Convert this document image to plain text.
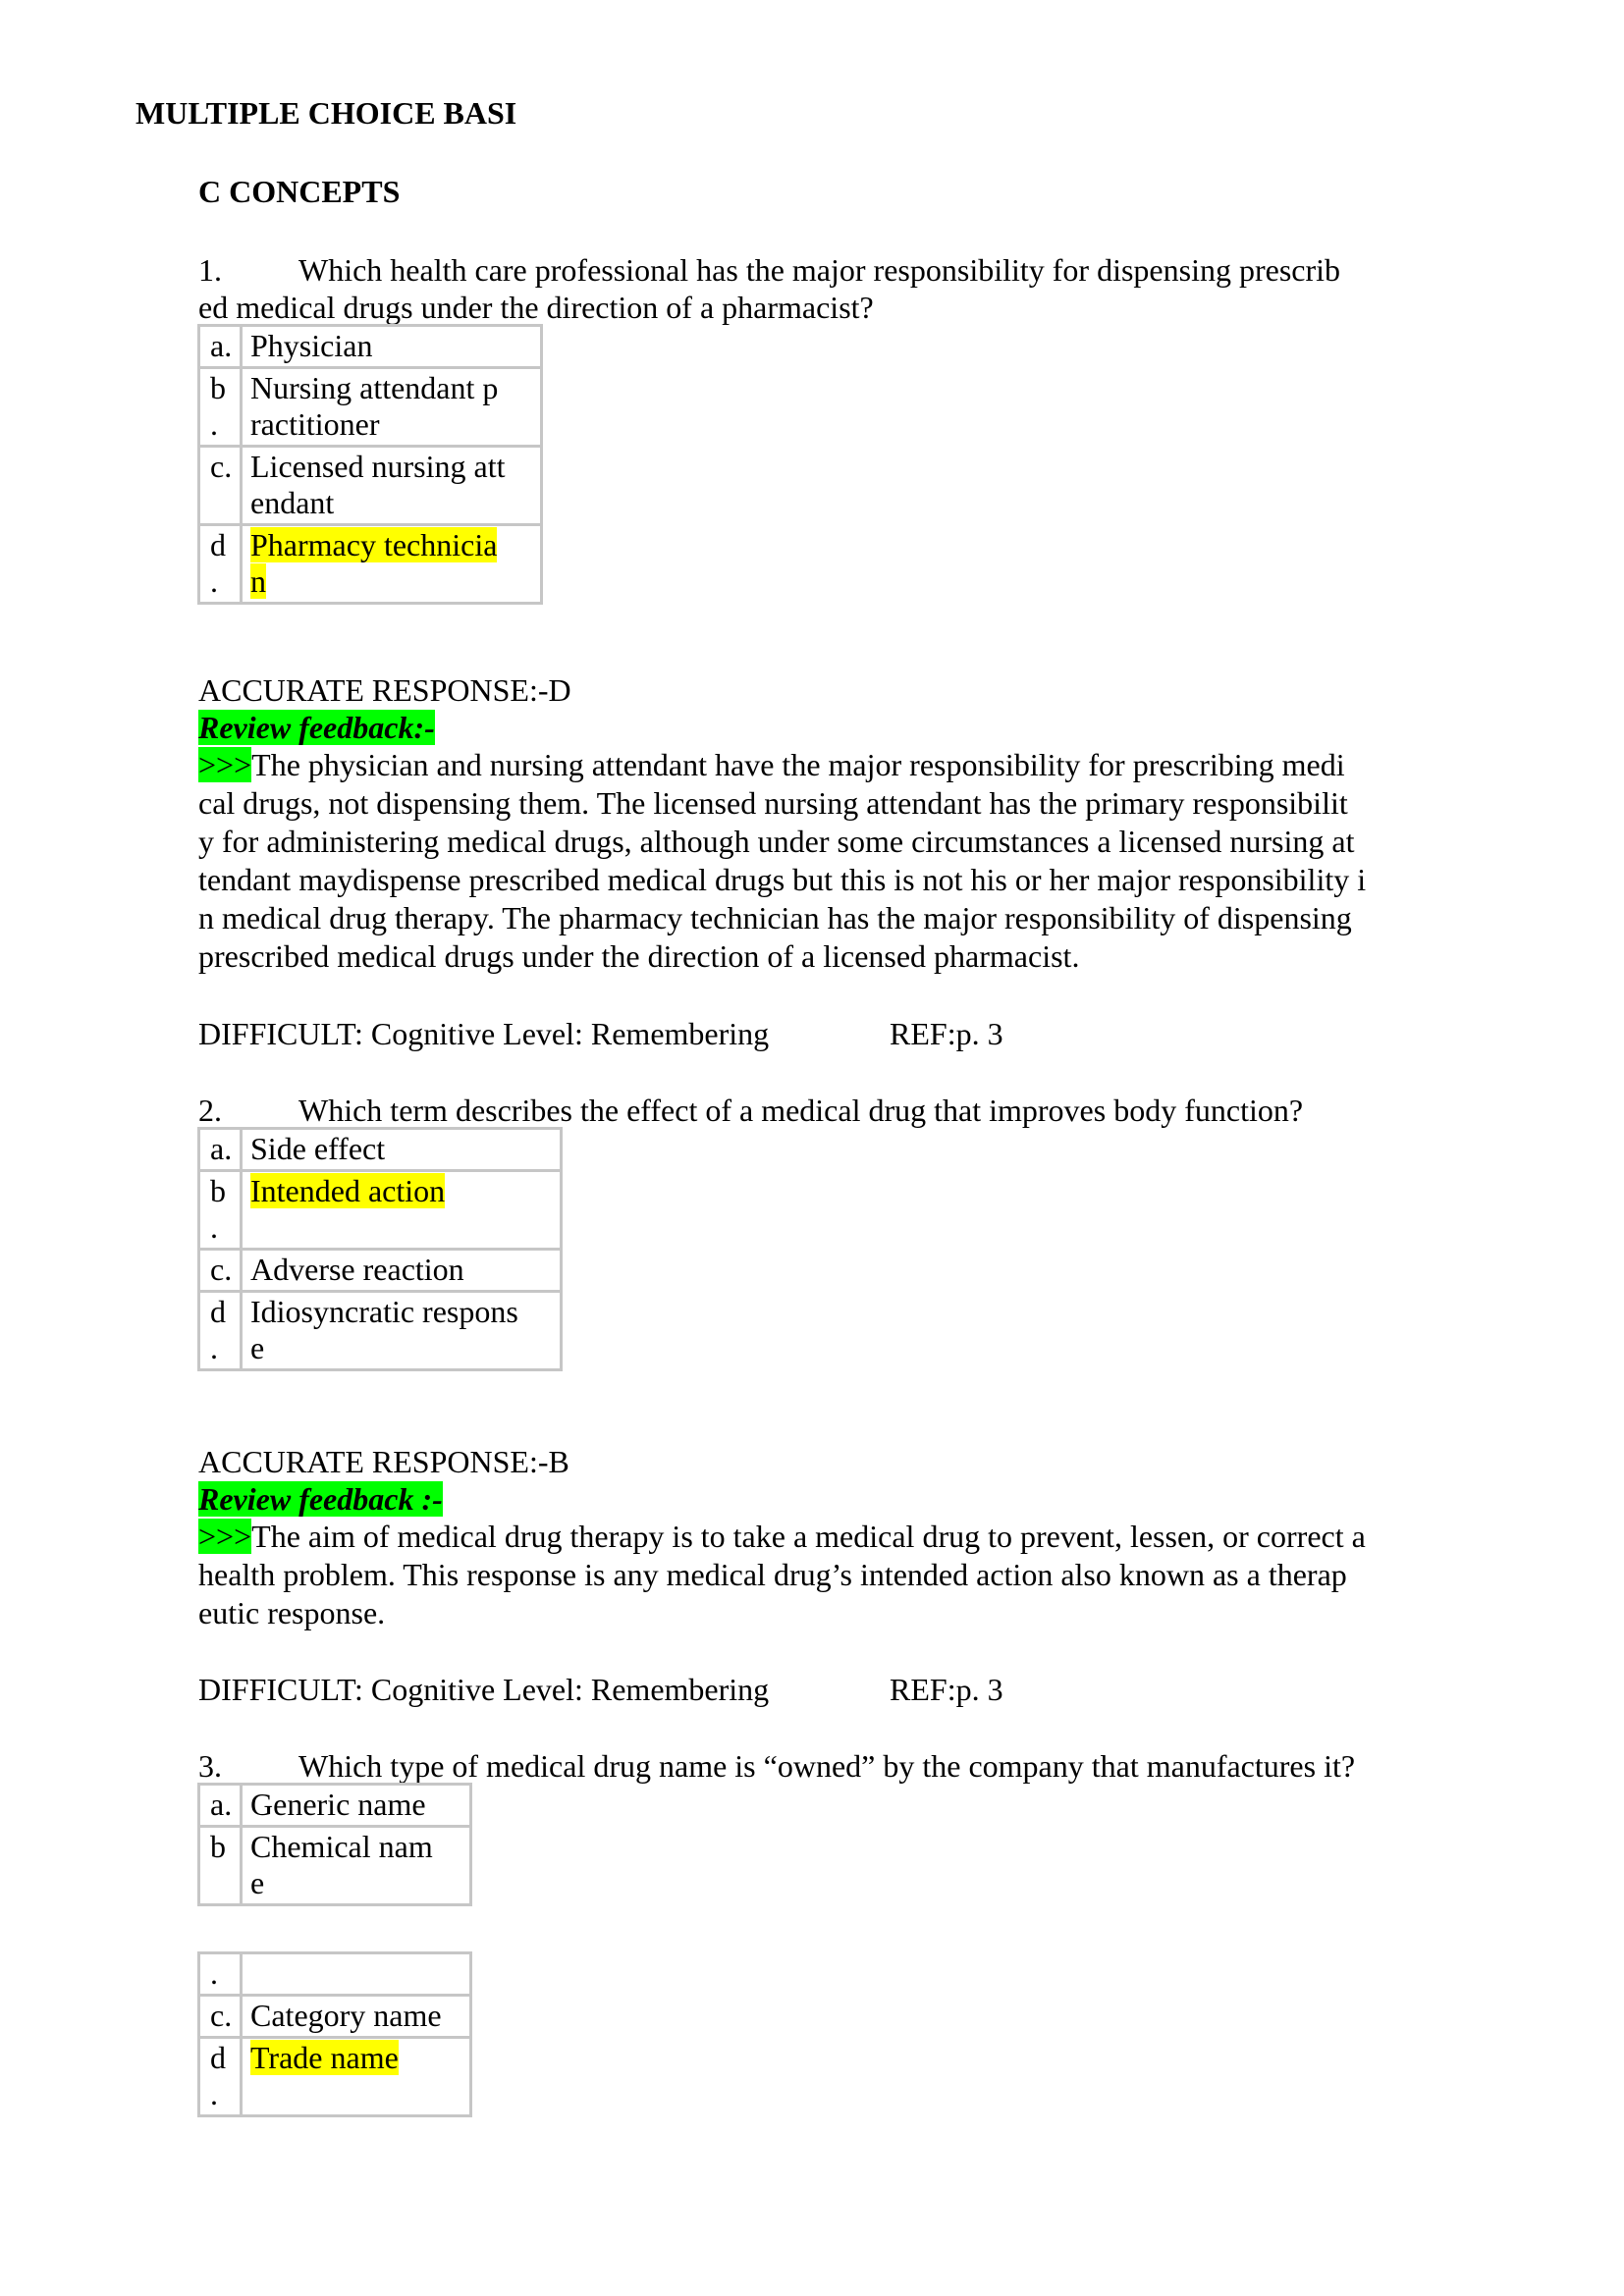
MULTIPLE CHOICE BASI
C CONCEPTS
1. Which health care professional has the major responsibility for dispensing prescrib
ed medical drugs under the direction of a pharmacist?
a.	Physician
b
.	Nursing attendant p
ractitioner
c.	Licensed nursing att
endant
d
.	Pharmacy technicia
n
ACCURATE RESPONSE:-D
Review feedback:-
>>>The physician and nursing attendant have the major responsibility for prescribing medi
cal drugs, not dispensing them. The licensed nursing attendant has the primary responsibilit
y for administering medical drugs, although under some circumstances a licensed nursing at
tendant maydispense prescribed medical drugs but this is not his or her major responsibility i
n medical drug therapy. The pharmacy technician has the major responsibility of dispensing
prescribed medical drugs under the direction of a licensed pharmacist.
DIFFICULT: Cognitive Level: Remembering	REF:p. 3
2. Which term describes the effect of a medical drug that improves body function?
a.	Side effect
b
.	Intended action
c.	Adverse reaction
d
.	Idiosyncratic respons
e
ACCURATE RESPONSE:-B
Review feedback :-
>>>The aim of medical drug therapy is to take a medical drug to prevent, lessen, or correct a
health problem. This response is any medical drug’s intended action also known as a therap
eutic response.
DIFFICULT: Cognitive Level: Remembering	REF:p. 3
3. Which type of medical drug name is “owned” by the company that manufactures it?
a.	Generic name
b	Chemical nam
e
.	
c.	Category name
d
.	Trade name
